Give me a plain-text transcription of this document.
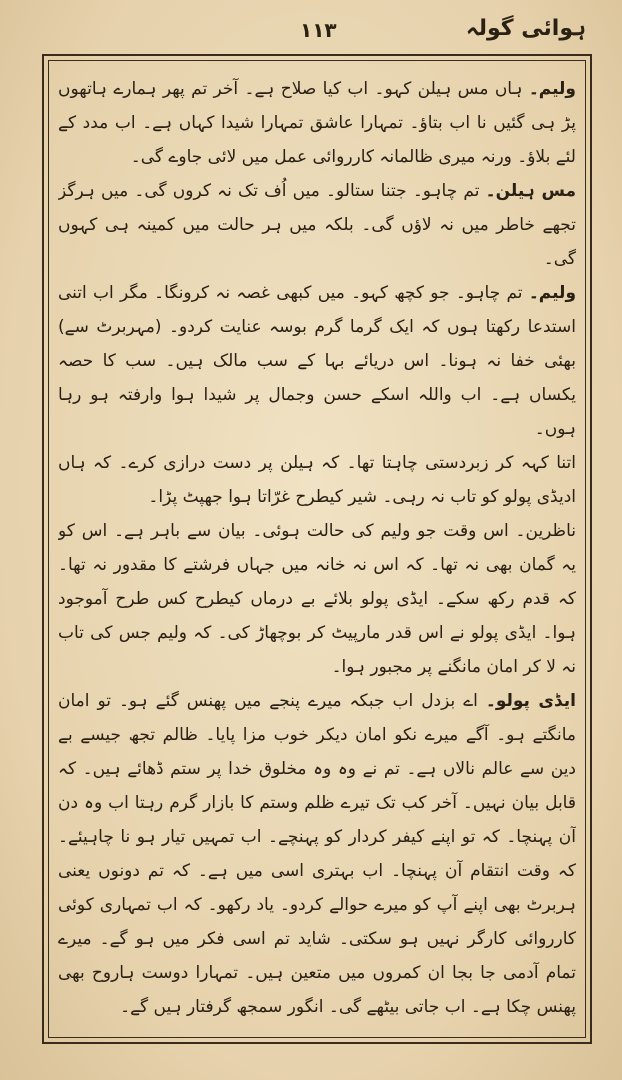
۱۱۳	ہوائی گولہ

ولیم۔ ہاں مس ہیلن کہو۔ اب کیا صلاح ہے۔ آخر تم پھر ہمارے ہاتھوں پڑ ہی گئیں نا اب بتاؤ۔ تمہارا عاشق تمہارا شیدا کہاں ہے۔ اب مدد کے لئے بلاؤ۔ ورنہ میری ظالمانہ کارروائی عمل میں لائی جاوے گی۔

مس ہیلن۔ تم چاہو۔ جتنا ستالو۔ میں اُف تک نہ کروں گی۔ میں ہرگز تجھے خاطر میں نہ لاؤں گی۔ بلکہ میں ہر حالت میں کمینہ ہی کہوں گی۔

ولیم۔ تم چاہو۔ جو کچھ کہو۔ میں کبھی غصہ نہ کرونگا۔ مگر اب اتنی استدعا رکھتا ہوں کہ ایک گرما گرم بوسہ عنایت کردو۔ (مہربرٹ سے) بھئی خفا نہ ہونا۔ اس دریائے بہا کے سب مالک ہیں۔ سب کا حصہ یکساں ہے۔ اب واللہ اسکے حسن وجمال پر شیدا ہوا وارفتہ ہو رہا ہوں۔

اتنا کہہ کر زبردستی چاہتا تھا۔ کہ ہیلن پر دست درازی کرے۔ کہ ہاں ادیڈی پولو کو تاب نہ رہی۔ شیر کیطرح غرّاتا ہوا جھپٹ پڑا۔

ناظرین۔ اس وقت جو ولیم کی حالت ہوئی۔ بیان سے باہر ہے۔ اس کو یہ گمان بھی نہ تھا۔ کہ اس نہ خانہ میں جہاں فرشتے کا مقدور نہ تھا۔ کہ قدم رکھ سکے۔ ایڈی پولو بلائے بے درماں کیطرح کس طرح آموجود ہوا۔ ایڈی پولو نے اس قدر مارپیٹ کر بوچھاڑ کی۔ کہ ولیم جس کی تاب نہ لا کر امان مانگنے پر مجبور ہوا۔

ایڈی پولو۔ اے بزدل اب جبکہ میرے پنجے میں پھنس گئے ہو۔ تو امان مانگتے ہو۔ آگے میرے نکو امان دیکر خوب مزا پایا۔ ظالم تجھ جیسے بے دین سے عالم نالاں ہے۔ تم نے وہ وہ مخلوق خدا پر ستم ڈھائے ہیں۔ کہ قابل بیان نہیں۔ آخر کب تک تیرے ظلم وستم کا بازار گرم رہتا اب وہ دن آن پہنچا۔ کہ تو اپنے کیفر کردار کو پہنچے۔ اب تمہیں تیار ہو نا چاہیئے۔ کہ وقت انتقام آن پہنچا۔ اب بہتری اسی میں ہے۔ کہ تم دونوں یعنی ہربرٹ بھی اپنے آپ کو میرے حوالے کردو۔ یاد رکھو۔ کہ اب تمہاری کوئی کارروائی کارگر نہیں ہو سکتی۔ شاید تم اسی فکر میں ہو گے۔ میرے تمام آدمی جا بجا ان کمروں میں متعین ہیں۔ تمہارا دوست ہاروح بھی پھنس چکا ہے۔ اب جاتی بیٹھے گی۔ انگور سمجھ گرفتار ہیں گے۔
